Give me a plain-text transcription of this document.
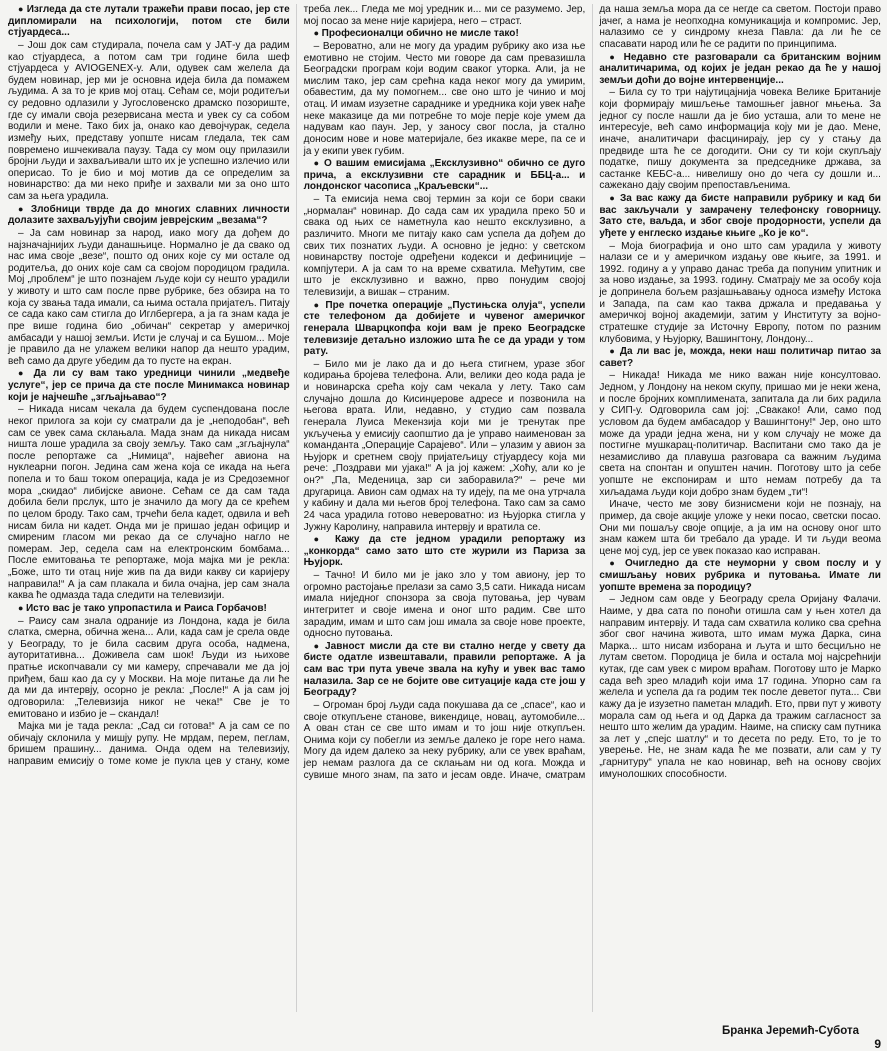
● Изгледа да сте лутали тражећи прави посао, јер сте дипломирали на психологији, потом сте били стјуардеса...

– Још док сам студирала, почела сам у ЈАТ-у да радим као стјуардеса, а потом сам три године била шеф стјуардеса у AVIOGENEX-у. Али, одувек сам желела да будем новинар, јер ми је основна идеја била да помажем људима. А за то је крив мој отац. Сећам се, моји родитељи су редовно одлазили у Југословенско драмско позориште, где су имали своја резервисана места и увек су са собом водили и мене. Тако бих ја, онако као девојчурак, седела између њих, представу уопште нисам гледала, тек сам повремено ишчекивала паузу. Тада су мом оцу прилазили бројни људи и захваљивали што их је успешно излечио или оперисао. То је био и мој мотив да се определим за новинарство: да ми неко приђе и захвали ми за оно што сам за њега урадила.

● Злобници тврде да до многих славних личности долазите захваљујући својим јеврејским „везама“?

– Ја сам новинар за народ, иако могу да дођем до најзначајнијих људи данашњице. Нормално је да свако од нас има своје „везе“, пошто од оних које су ми остале од родитеља, до оних које сам са својом породицом градила. Мој „проблем“ је што познајем људе који су нешто урадили у животу и што сам после прве рубрике, без обзира на то која су звања тада имали, са њима остала пријатељ. Питају се сада како сам стигла до Иглбергера, а ја га знам када је пре више година био „обичан“ секретар у америчкој амбасади у нашој земљи. Исти је случај и са Бушом... Моје је правило да не улажем велики напор да нешто урадим, већ само да друге убедим да то пусте на екран.

● Да ли су вам тако уредници чинили „медвеђе услуге“, јер се прича да сте после Минимакса новинар који је најчешће „згљајњавао“?

– Никада нисам чекала да будем суспендована после неког прилога за који су сматрали да је „неподобан“, већ сам се увек сама склањала. Мада знам да никада нисам ништа лоше урадила за своју земљу. Тако сам „згљајнула“ после репортаже са „Нимица“, највећег авиона на нуклеарни погон. Једина сам жена која се икада на њега попела и то баш током операција, када је из Средоземног мора „скидао“ либијске авионе. Сећам се да сам тада добила бели прслук, што је значило да могу да се крећем по целом броду. Тако сам, трчећи бела кадет, одвила и већ нисам била ни кадет. Онда ми је пришао један официр и смиреним гласом ми рекао да се случајно нагло не померам. Јер, седела сам на електронским бомбама... После емитовања те репортаже, моја мајка ми је рекла: „Боже, што ти отац није жив па да види какву си каријеру направила!“ А ја сам плакала и била очајна, јер сам знала каква ће одмазда тада следити на телевизији.

● Исто вас је тако упропастила и Раиса Горбачов!

– Раису сам знала одраније из Лондона, када је била слатка, смерна, обична жена... Али, када сам је срела овде у Београду, то је била сасвим друга особа, надмена, ауторитативна... Доживела сам шок! Људи из њихове пратње ископчавали су ми камеру, спречавали ме да јој приђем, баш као да су у Москви. На моје питање да ли ће да ми да интервју, осорно је рекла: „После!“ А ја сам јој одговорила: „Телевизија никог не чека!“ Све је то емитовано и избио је – скандал!

Мајка ми је тада рекла: „Сад си готова!“ А ја сам се по обичају склонила у мишју рупу. Не мрдам, перем, пеглам, бришем прашину... данима. Онда одем на телевизију, направим емисију о томе коме је пукла цев у стану, коме треба лек... Гледа ме мој уредник и... ми се разумемо. Јер, мој посао за мене није каријера, него – страст.

● Професионалци обично не мисле тако!

– Вероватно, али не могу да урадим рубрику ако иза ње емотивно не стојим. Често ми говоре да сам превазишла Београдски програм који водим сваког уторка. Али, ја не мислим тако, јер сам срећна када неког могу да умирим, обавестим, да му помогнем... све оно што је чинио и мој отац. И имам изузетне сараднике и уредника који увек нађе неке маказице да ми потребне то моје перје које умем да надувам као паун. Јер, у заносу свог посла, ја стално доносим нове и нове материјале, без икакве мере, па се и ја у екипи увек губим.

● О вашим емисијама „Ексклузивно“ обично се дуго прича, а ексклузивни сте сарадник и ББЦ-а... и лондонског часописа „Краљевски“...

– Та емисија нема свој термин за који се бори сваки „нормалан“ новинар. До сада сам их урадила преко 50 и свака од њих се наметнула као нешто ексклузивно, а различито. Многи ме питају како сам успела да дођем до свих тих познатих људи. А основно је једно: у светском новинарству постоје одређени кодекси и дефиниције – компјутери. А ја сам то на време схватила. Међутим, све што је ексклузивно и важно, прво понудим својој телевизији, а вишак – страним.

● Пре почетка операције „Пустињска олуја“, успели сте телефоном да добијете и чувеног америчког генерала Шварцкопфа који вам је преко Београдске телевизије детаљно изложио шта ће се да уради у том рату.

– Било ми је лако да и до њега стигнем, уразе због кодирања бројева телефона. Али, велики део кода рада је и новинарска срећа коју сам чекала у лету. Тако сам случајно дошла до Кисинџерове адресе и позвонила на његова врата. Или, недавно, у студио сам позвала генерала Луиса Мекензија који ми је тренутак пре укључења у емисију саопштио да је управо наименован за команданта „Операције Сарајево“. Или – улазим у авион за Њујорк и сретнем своју пријатељицу стјуардесу која ми рече: „Поздрави ми ујака!“ А ја јој кажем: „Хоћу, али ко је он?“ „Па, Меденица, зар си заборавила?“ – рече ми другарица. Авион сам одмах на ту идеју, па ме она утрчала у кабину и дала ми његов број телефона. Тако сам за само 24 часа урадила готово невероватно: из Њујорка стигла у Јужну Каролину, направила интервју и вратила се.

● Кажу да сте једном урадили репортажу из „конкорда“ само зато што сте журили из Париза за Њујорк.

– Тачно! И било ми је јако зло у том авиону, јер то огромно растојање прелази за само 3,5 сати. Никада нисам имала ниједног спонзора за своја путовања, јер чувам интегритет и своје имена и оног што радим. Све што зарадим, имам и што сам још имала за своје нове проекте, односно путовања.

● Јавност мисли да сте ви стално негде у свету да бисте одатле извештавали, правили репортаже. А ја сам вас три пута увече звала на кућу и увек вас тамо налазила. Зар се не бојите ове ситуације када сте још у Београду?

– Огроман број људи сада покушава да се „спасе“, као и своје откупљене станове, викендице, новац, аутомобиле... А ован стан се све што имам и то још нијe откупљен. Онима који су побегли из земље далеко је горе него нама. Могу да идем далеко за неку рубрику, али се увек враћам, јер немам разлога да се склањам ни од кога. Можда и сувише много знам, па зато и јесам овде. Иначе, сматрам да наша земља мора да се негде са светом. Постоји право јачег, а нама је неопходна комуникација и компромис. Јер, налазимо се у синдрому кнеза Павла: да ли ће се спасавати народ или ће се радити по принципима.

● Недавно сте разговарали са британским војним аналитичарима, од којих је један рекао да ће у нашој земљи доћи до војне интервенције...

– Била су то три најутицајнија човека Велике Британије који формирају мишљење тамошњег јавног мњења. За једног су после нашли да је био усташа, али то мене не интересује, већ само информација коју ми је дао. Мене, иначе, аналитичари фасцинирају, јер су у стању да предвиде шта ће се догодити. Они су ти који скупљају податке, пишу документа за председнике држава, за састанке КЕБС-а... нивелишу оно до чега су дошли и... сажекано дају својим препостављенима.

● За вас кажу да бисте направили рубрику и кад би вас закључали у замрачену телефонску говорницу. Зато сте, ваљда, и због своје продорности, успели да уђете у енглеско издање књиге „Ко је ко“.

– Моја биографија и оно што сам урадила у животу налази се и у америчком издању ове књиге, за 1991. и 1992. годину а у управо данас треба да попуним упитник и за ново издање, за 1993. годину. Сматрају ме за особу која је допринела бољем разјашњавању односа између Истока и Запада, па сам као таква држала и предавања у америчкој војној академији, затим у Институту за војно-стратешке студије за Источну Европу, потом по разним клубовима, у Њујорку, Вашингтону, Лондону...

● Да ли вас је, можда, неки наш политичар питао за савет?

– Никада! Никада ме нико важан није консултовао. Једном, у Лондону на неком скупу, пришао ми је неки жена, и после бројних комплимената, запитала да ли бих радила у СИП-у. Одговорила сам јој: „Свакако! Али, само под условом да будем амбасадор у Вашингтону!“ Јер, оно што може да уради једна жена, ни у ком случају не може да постигне мушкарац-политичар. Васпитани смо тако да је незамисливо да плавуша разговара са важним људима света на спонтан и опуштен начин. Поготову што ја себе уопште не експонирам и што немам потребу да та хиљадама људи који добро знам будем „ти“!

Иначе, често ме зову бизнисмени који не познају, на пример, да своје акције уложе у неки посао, светски посао. Они ми пошаљу своје опције, а ја им на основу оног што знам кажем шта би требало да ураде. И ти људи веома цене мој суд, јер се увек показао као исправан.

● Очигледно да сте неуморни у свом послу и у смишљању нових рубрика и путовања. Имате ли уопште времена за породицу?

– Једном сам овде у Београду срела Оријану Фалачи. Наиме, у два сата по поноћи отишла сам у њен хотел да направим интервју. И тада сам схватила колико сва срећна због свог начина живота, што имам мужа Дарка, сина Марка... што нисам изборана и љута и што бесциљно не лутам светом. Породица је била и остала мој најсрећнији кутак, где сам увек с миром враћам. Поготову што је Марко сада већ зрео младић који има 17 година. Упорно сам га желела и успела да га родим тек после деветог пута... Сви кажу да је изузетно паметан младић. Ето, први пут у животу морала сам од њега и од Дарка да тражим сагласност за нешто што желим да урадим. Наиме, на списку сам путника за лет у „спејс шатлу“ и то десета по реду. Ето, то је то уверење. Не, не знам када ће ме позвати, али сам у ту „гарнитуру“ упала не као новинар, већ на основу својих имунолошких способности.

Бранка Јеремић-Субота
9
